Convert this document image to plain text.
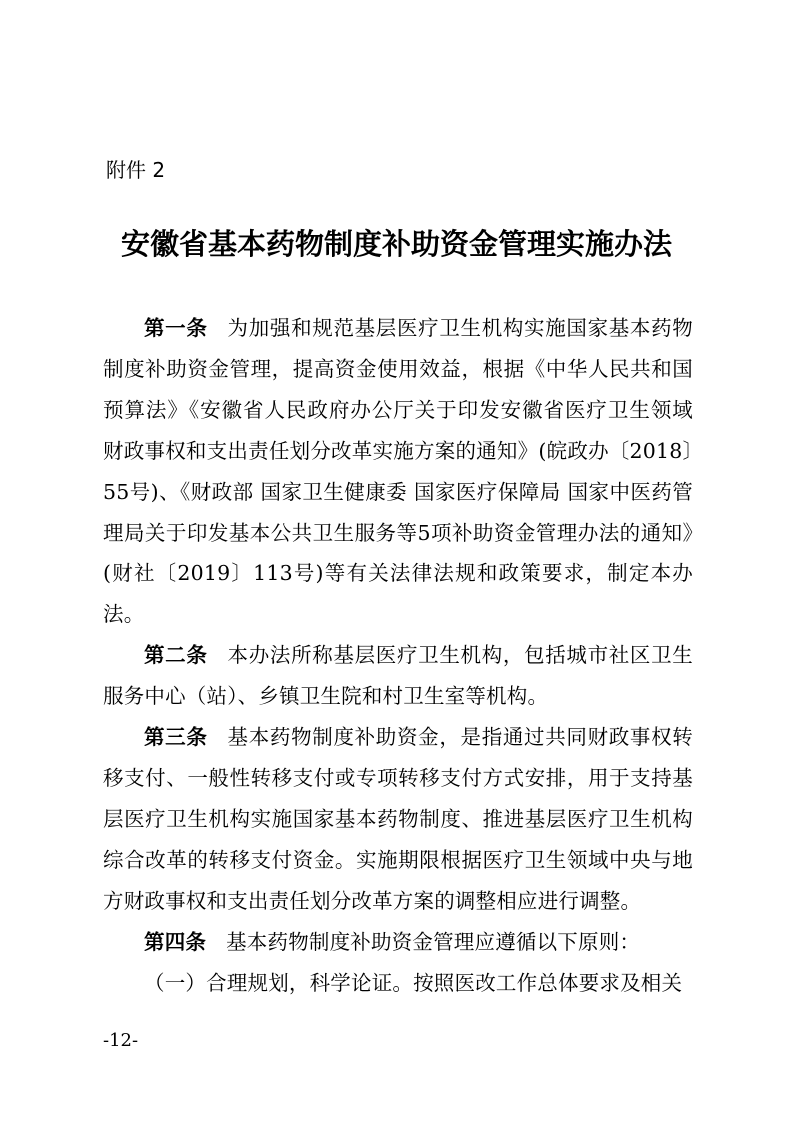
附件 2

安徽省基本药物制度补助资金管理实施办法

第一条 为加强和规范基层医疗卫生机构实施国家基本药物制度补助资金管理，提高资金使用效益，根据《中华人民共和国预算法》《安徽省人民政府办公厅关于印发安徽省医疗卫生领域财政事权和支出责任划分改革实施方案的通知》(皖政办〔2018〕55号)、《财政部 国家卫生健康委 国家医疗保障局 国家中医药管理局关于印发基本公共卫生服务等5项补助资金管理办法的通知》(财社〔2019〕113号)等有关法律法规和政策要求，制定本办法。

第二条 本办法所称基层医疗卫生机构，包括城市社区卫生服务中心（站）、乡镇卫生院和村卫生室等机构。

第三条 基本药物制度补助资金，是指通过共同财政事权转移支付、一般性转移支付或专项转移支付方式安排，用于支持基层医疗卫生机构实施国家基本药物制度、推进基层医疗卫生机构综合改革的转移支付资金。实施期限根据医疗卫生领域中央与地方财政事权和支出责任划分改革方案的调整相应进行调整。

第四条 基本药物制度补助资金管理应遵循以下原则：

（一）合理规划，科学论证。按照医改工作总体要求及相关

-12-
